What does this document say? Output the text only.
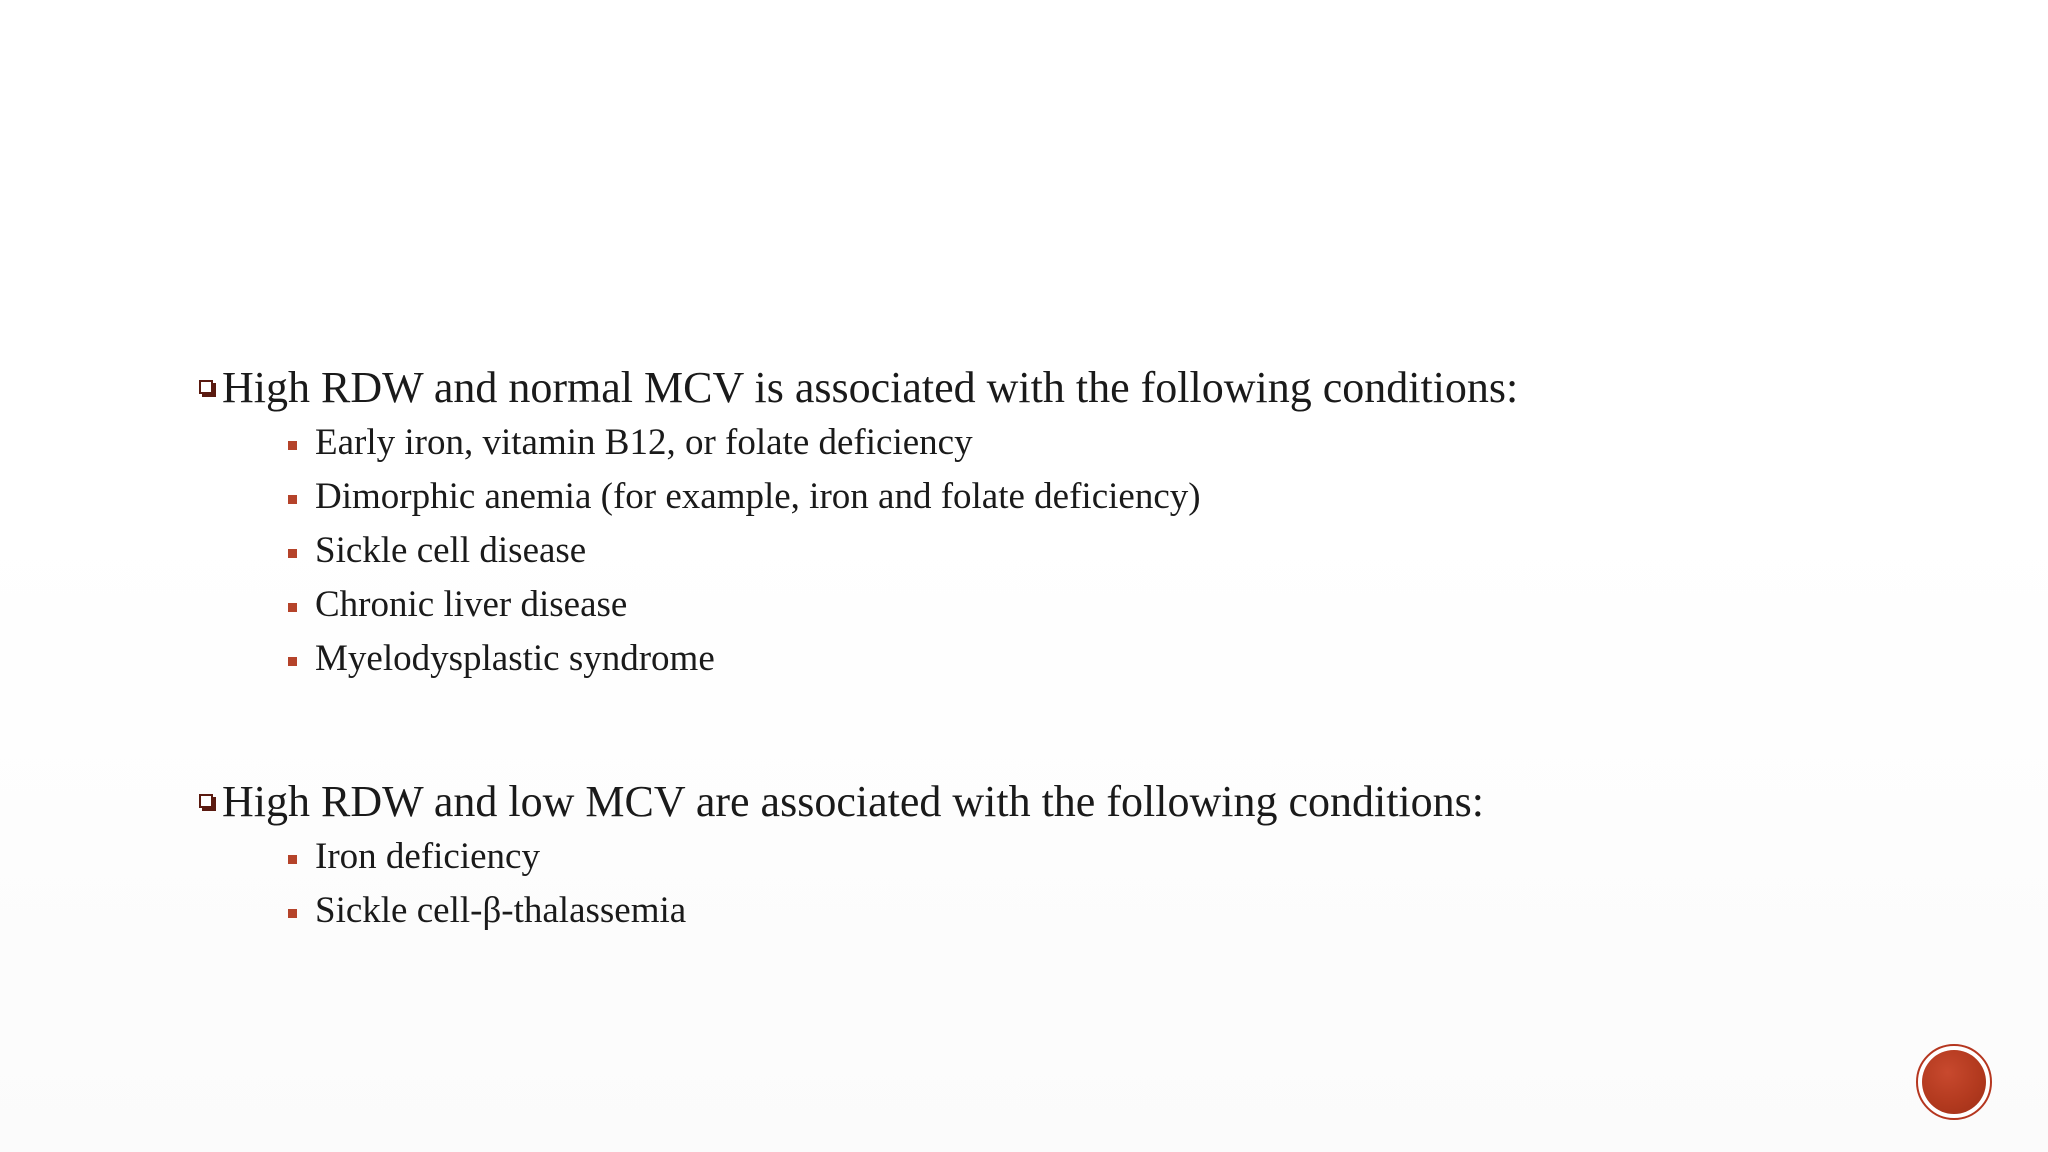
High RDW and normal MCV is associated with the following conditions:
Early iron, vitamin B12, or folate deficiency
Dimorphic anemia (for example, iron and folate deficiency)
Sickle cell disease
Chronic liver disease
Myelodysplastic syndrome
High RDW and low MCV are associated with the following conditions:
Iron deficiency
Sickle cell-β-thalassemia
